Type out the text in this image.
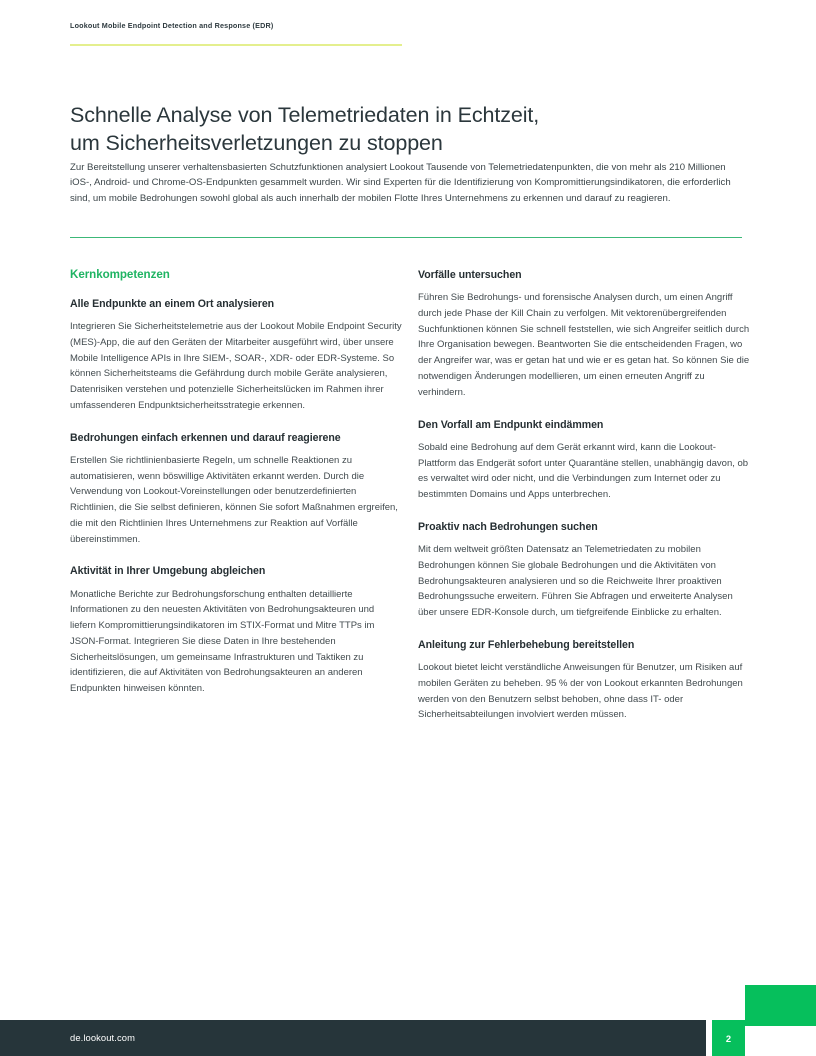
Lookout Mobile Endpoint Detection and Response (EDR)
Schnelle Analyse von Telemetriedaten in Echtzeit,
um Sicherheitsverletzungen zu stoppen

Zur Bereitstellung unserer verhaltensbasierten Schutzfunktionen analysiert Lookout Tausende von Telemetriedatenpunkten, die von mehr als 210 Millionen iOS-, Android- und Chrome-OS-Endpunkten gesammelt wurden. Wir sind Experten für die Identifizierung von Kompromittierungsindikatoren, die erforderlich sind, um mobile Bedrohungen sowohl global als auch innerhalb der mobilen Flotte Ihres Unternehmens zu erkennen und darauf zu reagieren.

Kernkompetenzen
Alle Endpunkte an einem Ort analysieren

Integrieren Sie Sicherheitstelemetrie aus der Lookout Mobile Endpoint Security (MES)-App, die auf den Geräten der Mitarbeiter ausgeführt wird, über unsere Mobile Intelligence APIs in Ihre SIEM-, SOAR-, XDR- oder EDR-Systeme. So können Sicherheitsteams die Gefährdung durch mobile Geräte analysieren, Datenrisiken verstehen und potenzielle Sicherheitslücken im Rahmen ihrer umfassenderen Endpunktsicherheitsstrategie erkennen.

Bedrohungen einfach erkennen und darauf reagierene

Erstellen Sie richtlinienbasierte Regeln, um schnelle Reaktionen zu automatisieren, wenn böswillige Aktivitäten erkannt werden. Durch die Verwendung von Lookout-Voreinstellungen oder benutzerdefinierten Richtlinien, die Sie selbst definieren, können Sie sofort Maßnahmen ergreifen, die mit den Richtlinien Ihres Unternehmens zur Reaktion auf Vorfälle übereinstimmen.

Aktivität in Ihrer Umgebung abgleichen

Monatliche Berichte zur Bedrohungsforschung enthalten detaillierte Informationen zu den neuesten Aktivitäten von Bedrohungsakteuren und liefern Kompromittierungsindikatoren im STIX-Format und Mitre TTPs im JSON-Format. Integrieren Sie diese Daten in Ihre bestehenden Sicherheitslösungen, um gemeinsame Infrastrukturen und Taktiken zu identifizieren, die auf Aktivitäten von Bedrohungsakteuren an anderen Endpunkten hinweisen könnten.

Vorfälle untersuchen

Führen Sie Bedrohungs- und forensische Analysen durch, um einen Angriff durch jede Phase der Kill Chain zu verfolgen. Mit vektorenübergreifenden Suchfunktionen können Sie schnell feststellen, wie sich Angreifer seitlich durch Ihre Organisation bewegen. Beantworten Sie die entscheidenden Fragen, wo der Angreifer war, was er getan hat und wie er es getan hat. So können Sie die notwendigen Änderungen modellieren, um einen erneuten Angriff zu verhindern.

Den Vorfall am Endpunkt eindämmen

Sobald eine Bedrohung auf dem Gerät erkannt wird, kann die Lookout-Plattform das Endgerät sofort unter Quarantäne stellen, unabhängig davon, ob es verwaltet wird oder nicht, und die Verbindungen zum Internet oder zu bestimmten Domains und Apps unterbrechen.

Proaktiv nach Bedrohungen suchen

Mit dem weltweit größten Datensatz an Telemetriedaten zu mobilen Bedrohungen können Sie globale Bedrohungen und die Aktivitäten von Bedrohungsakteuren analysieren und so die Reichweite Ihrer proaktiven Bedrohungssuche erweitern. Führen Sie Abfragen und erweiterte Analysen über unsere EDR-Konsole durch, um tiefgreifende Einblicke zu erhalten.

Anleitung zur Fehlerbehebung bereitstellen

Lookout bietet leicht verständliche Anweisungen für Benutzer, um Risiken auf mobilen Geräten zu beheben. 95 % der von Lookout erkannten Bedrohungen werden von den Benutzern selbst behoben, ohne dass IT- oder Sicherheitsabteilungen involviert werden müssen.

de.lookout.com	2
